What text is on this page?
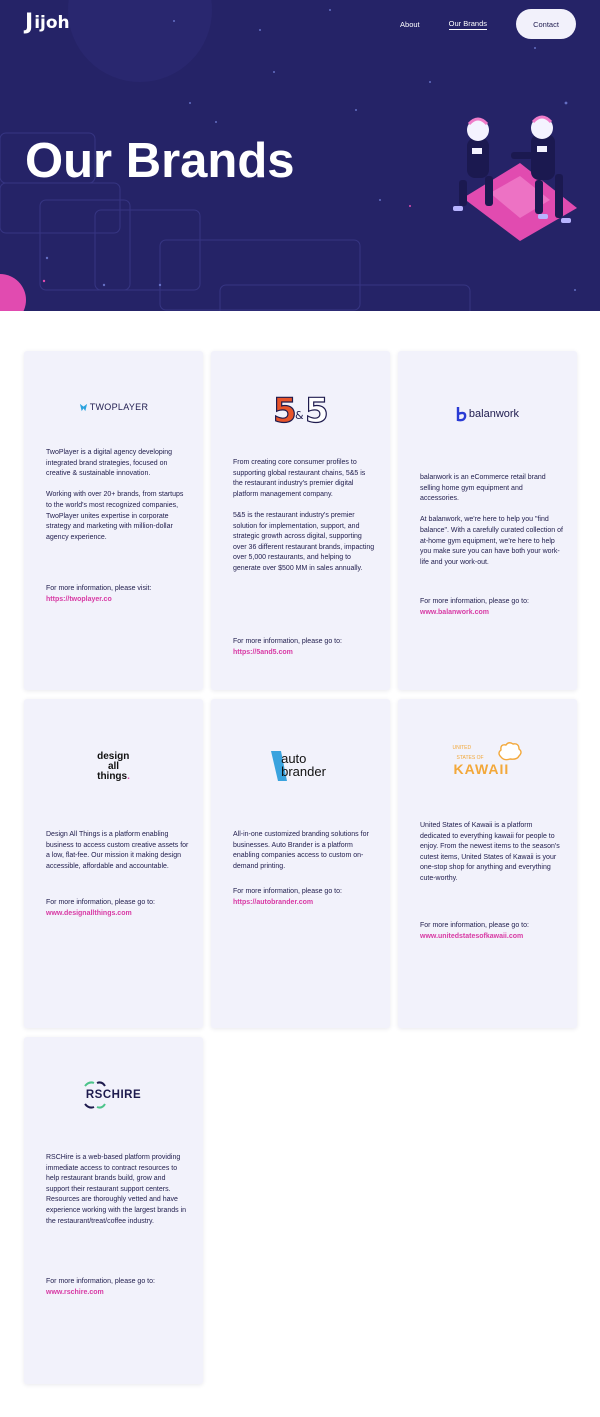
J ijoh	About	Our Brands	Contact
Our Brands
TWOPLAYER

TwoPlayer is a digital agency developing integrated brand strategies, focused on creative & sustainable innovation.

Working with over 20+ brands, from startups to the world's most recognized companies, TwoPlayer unites expertise in corporate strategy and marketing with million-dollar agency experience.

For more information, please visit:
https://twoplayer.co
5
& 5

From creating core consumer profiles to supporting global restaurant chains, 5&5 is the restaurant industry's premier digital platform management company.

5&5 is the restaurant industry's premier solution for implementation, support, and strategic growth across digital, supporting over 36 different restaurant brands, impacting over 5,000 restaurants, and helping to generate over $500 MM in sales annually.

For more information, please go to:
https://5and5.com
balanwork

balanwork is an eCommerce retail brand selling home gym equipment and accessories.

At balanwork, we're here to help you "find balance". With a carefully curated collection of at-home gym equipment, we're here to help you make sure you can have both your work-life and your work-out.

For more information, please go to:
www.balanwork.com
design
all
things.

Design All Things is a platform enabling business to access custom creative assets for a low, flat-fee. Our mission it making design accessible, affordable and accountable.

For more information, please go to:
www.designallthings.com
auto
brander

All-in-one customized branding solutions for businesses. Auto Brander is a platform enabling companies access to custom on-demand printing.

For more information, please go to:
https://autobrander.com
UNITED
STATES OF
KAWAII

United States of Kawaii is a platform dedicated to everything kawaii for people to enjoy. From the newest items to the season's cutest items, United States of Kawaii is your one-stop shop for anything and everything cute-worthy.

For more information, please go to:
www.unitedstatesofkawaii.com
RSCHIRE

RSCHire is a web-based platform providing immediate access to contract resources to help restaurant brands build, grow and support their restaurant support centers. Resources are thoroughly vetted and have experience working with the largest brands in the restaurant/treat/coffee industry.

For more information, please go to:
www.rschire.com
